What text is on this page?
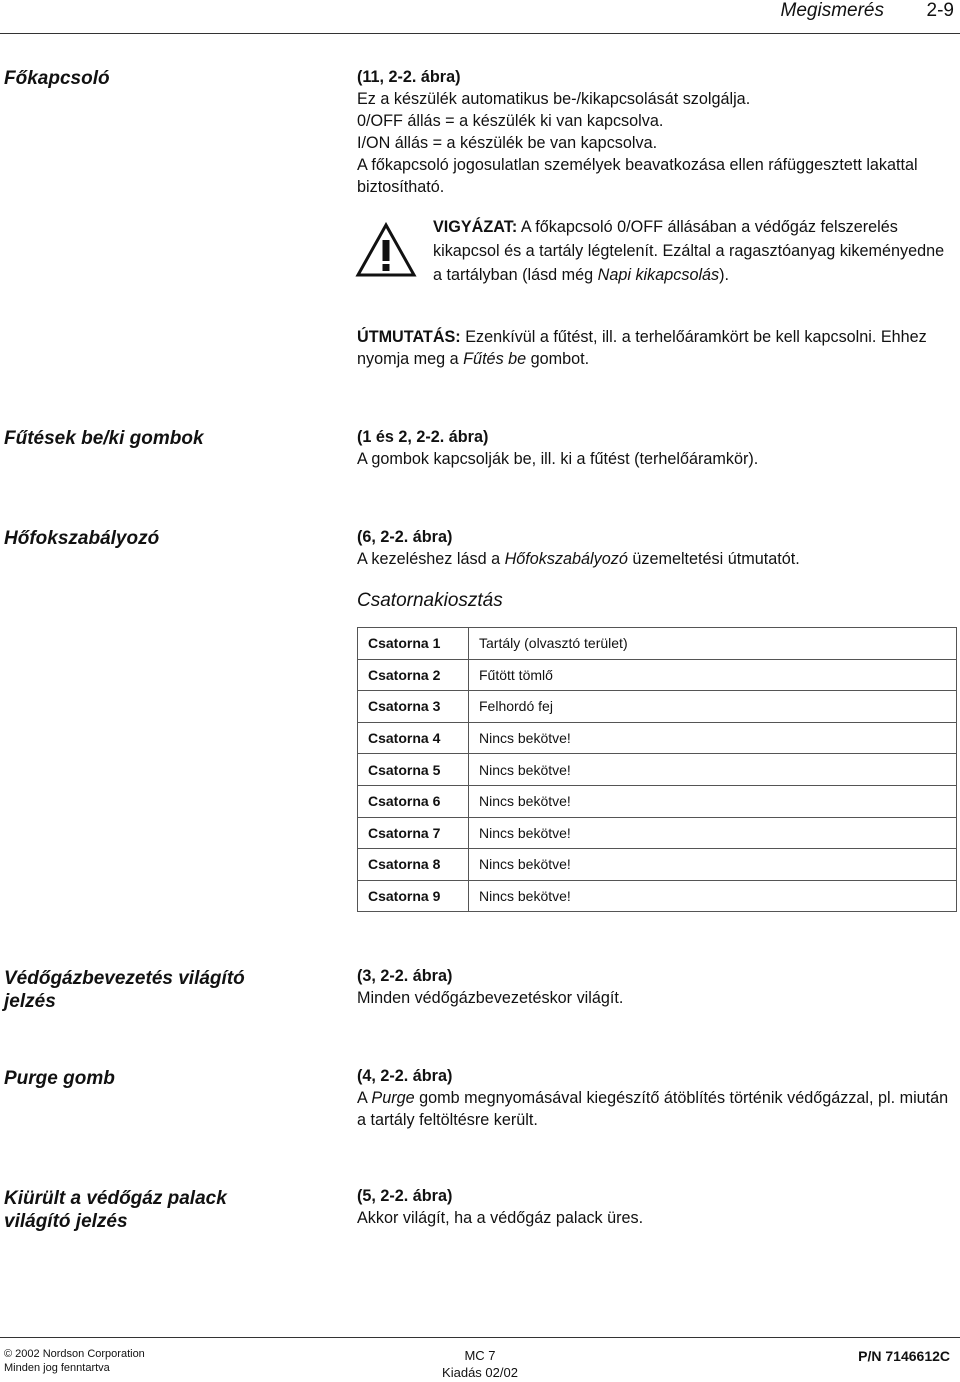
Megismerés 2-9
Főkapcsoló	(11, 2-2. ábra)

Ez a készülék automatikus be-/kikapcsolását szolgálja.

0/OFF állás = a készülék ki van kapcsolva.

I/ON állás = a készülék be van kapcsolva.

A főkapcsoló jogosulatlan személyek beavatkozása ellen ráfüggesztett lakattal biztosítható.

VIGYÁZAT: A főkapcsoló 0/OFF állásában a védőgáz felszerelés kikapcsol és a tartály légtelenít. Ezáltal a ragasztóanyag kikeményedne a tartályban (lásd még Napi kikapcsolás).
ÚTMUTATÁS: Ezenkívül a fűtést, ill. a terhelőáramkört be kell kapcsolni. Ehhez nyomja meg a Fűtés be gombot.
Fűtések be/ki gombok	(1 és 2, 2-2. ábra)

A gombok kapcsolják be, ill. ki a fűtést (terhelőáramkör).

Hőfokszabályozó	(6, 2-2. ábra)

A kezeléshez lásd a Hőfokszabályozó üzemeltetési útmutatót.

Csatornakiosztás
Csatorna 1	Tartály (olvasztó terület)
Csatorna 2	Fűtött tömlő
Csatorna 3	Felhordó fej
Csatorna 4	Nincs bekötve!
Csatorna 5	Nincs bekötve!
Csatorna 6	Nincs bekötve!
Csatorna 7	Nincs bekötve!
Csatorna 8	Nincs bekötve!
Csatorna 9	Nincs bekötve!
Védőgázbevezetés világító
jelzés

(3, 2-2. ábra)

Minden védőgázbevezetéskor világít.

Purge gomb	(4, 2-2. ábra)

A Purge gomb megnyomásával kiegészítő átöblítés történik védőgázzal, pl. miután a tartály feltöltésre került.

Kiürült a védőgáz palack
világító jelzés

(5, 2-2. ábra)

Akkor világít, ha a védőgáz palack üres.

© 2002 Nordson Corporation
Minden jog fenntartva
MC 7
Kiadás 02/02
P/N 7146612C
